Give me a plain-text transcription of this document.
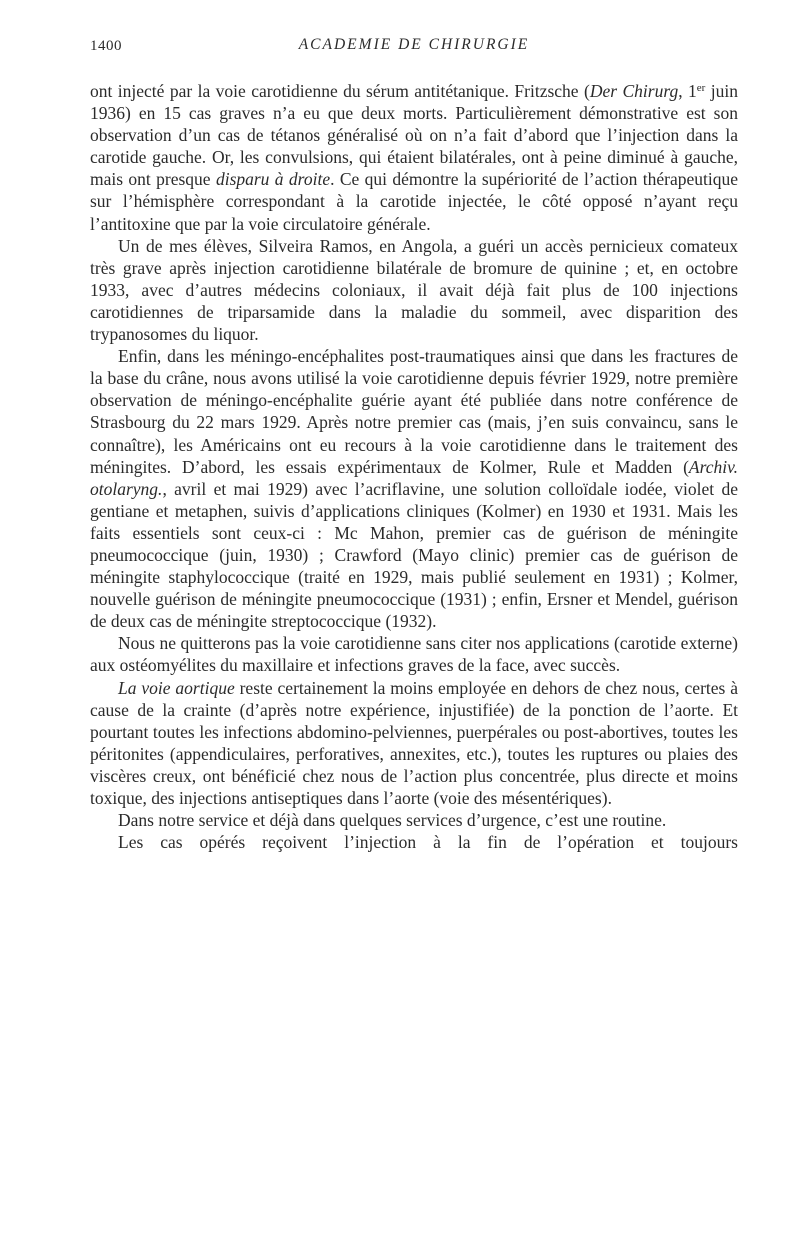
1400	ACADEMIE DE CHIRURGIE

ont injecté par la voie carotidienne du sérum antitétanique. Fritzsche (Der Chirurg, 1er juin 1936) en 15 cas graves n’a eu que deux morts. Particulièrement démonstrative est son observation d’un cas de tétanos généralisé où on n’a fait d’abord que l’injection dans la carotide gauche. Or, les convulsions, qui étaient bilatérales, ont à peine diminué à gauche, mais ont presque disparu à droite. Ce qui démontre la supériorité de l’action thérapeutique sur l’hémisphère correspondant à la carotide injectée, le côté opposé n’ayant reçu l’antitoxine que par la voie circulatoire générale.

Un de mes élèves, Silveira Ramos, en Angola, a guéri un accès pernicieux comateux très grave après injection carotidienne bilatérale de bromure de quinine ; et, en octobre 1933, avec d’autres médecins coloniaux, il avait déjà fait plus de 100 injections carotidiennes de triparsamide dans la maladie du sommeil, avec disparition des trypanosomes du liquor.

Enfin, dans les méningo-encéphalites post-traumatiques ainsi que dans les fractures de la base du crâne, nous avons utilisé la voie carotidienne depuis février 1929, notre première observation de méningo-encéphalite guérie ayant été publiée dans notre conférence de Strasbourg du 22 mars 1929. Après notre premier cas (mais, j’en suis convaincu, sans le connaître), les Américains ont eu recours à la voie carotidienne dans le traitement des méningites. D’abord, les essais expérimentaux de Kolmer, Rule et Madden (Archiv. otolaryng., avril et mai 1929) avec l’acriflavine, une solution colloïdale iodée, violet de gentiane et metaphen, suivis d’applications cliniques (Kolmer) en 1930 et 1931. Mais les faits essentiels sont ceux-ci : Mc Mahon, premier cas de guérison de méningite pneumococcique (juin, 1930) ; Crawford (Mayo clinic) premier cas de guérison de méningite staphylococcique (traité en 1929, mais publié seulement en 1931) ; Kolmer, nouvelle guérison de méningite pneumococcique (1931) ; enfin, Ersner et Mendel, guérison de deux cas de méningite streptococcique (1932).

Nous ne quitterons pas la voie carotidienne sans citer nos applications (carotide externe) aux ostéomyélites du maxillaire et infections graves de la face, avec succès.

La voie aortique reste certainement la moins employée en dehors de chez nous, certes à cause de la crainte (d’après notre expérience, injustifiée) de la ponction de l’aorte. Et pourtant toutes les infections abdomino-pelviennes, puerpérales ou post-abortives, toutes les péritonites (appendiculaires, perforatives, annexites, etc.), toutes les ruptures ou plaies des viscères creux, ont bénéficié chez nous de l’action plus concentrée, plus directe et moins toxique, des injections antiseptiques dans l’aorte (voie des mésentériques).

Dans notre service et déjà dans quelques services d’urgence, c’est une routine.

Les cas opérés reçoivent l’injection à la fin de l’opération et toujours
